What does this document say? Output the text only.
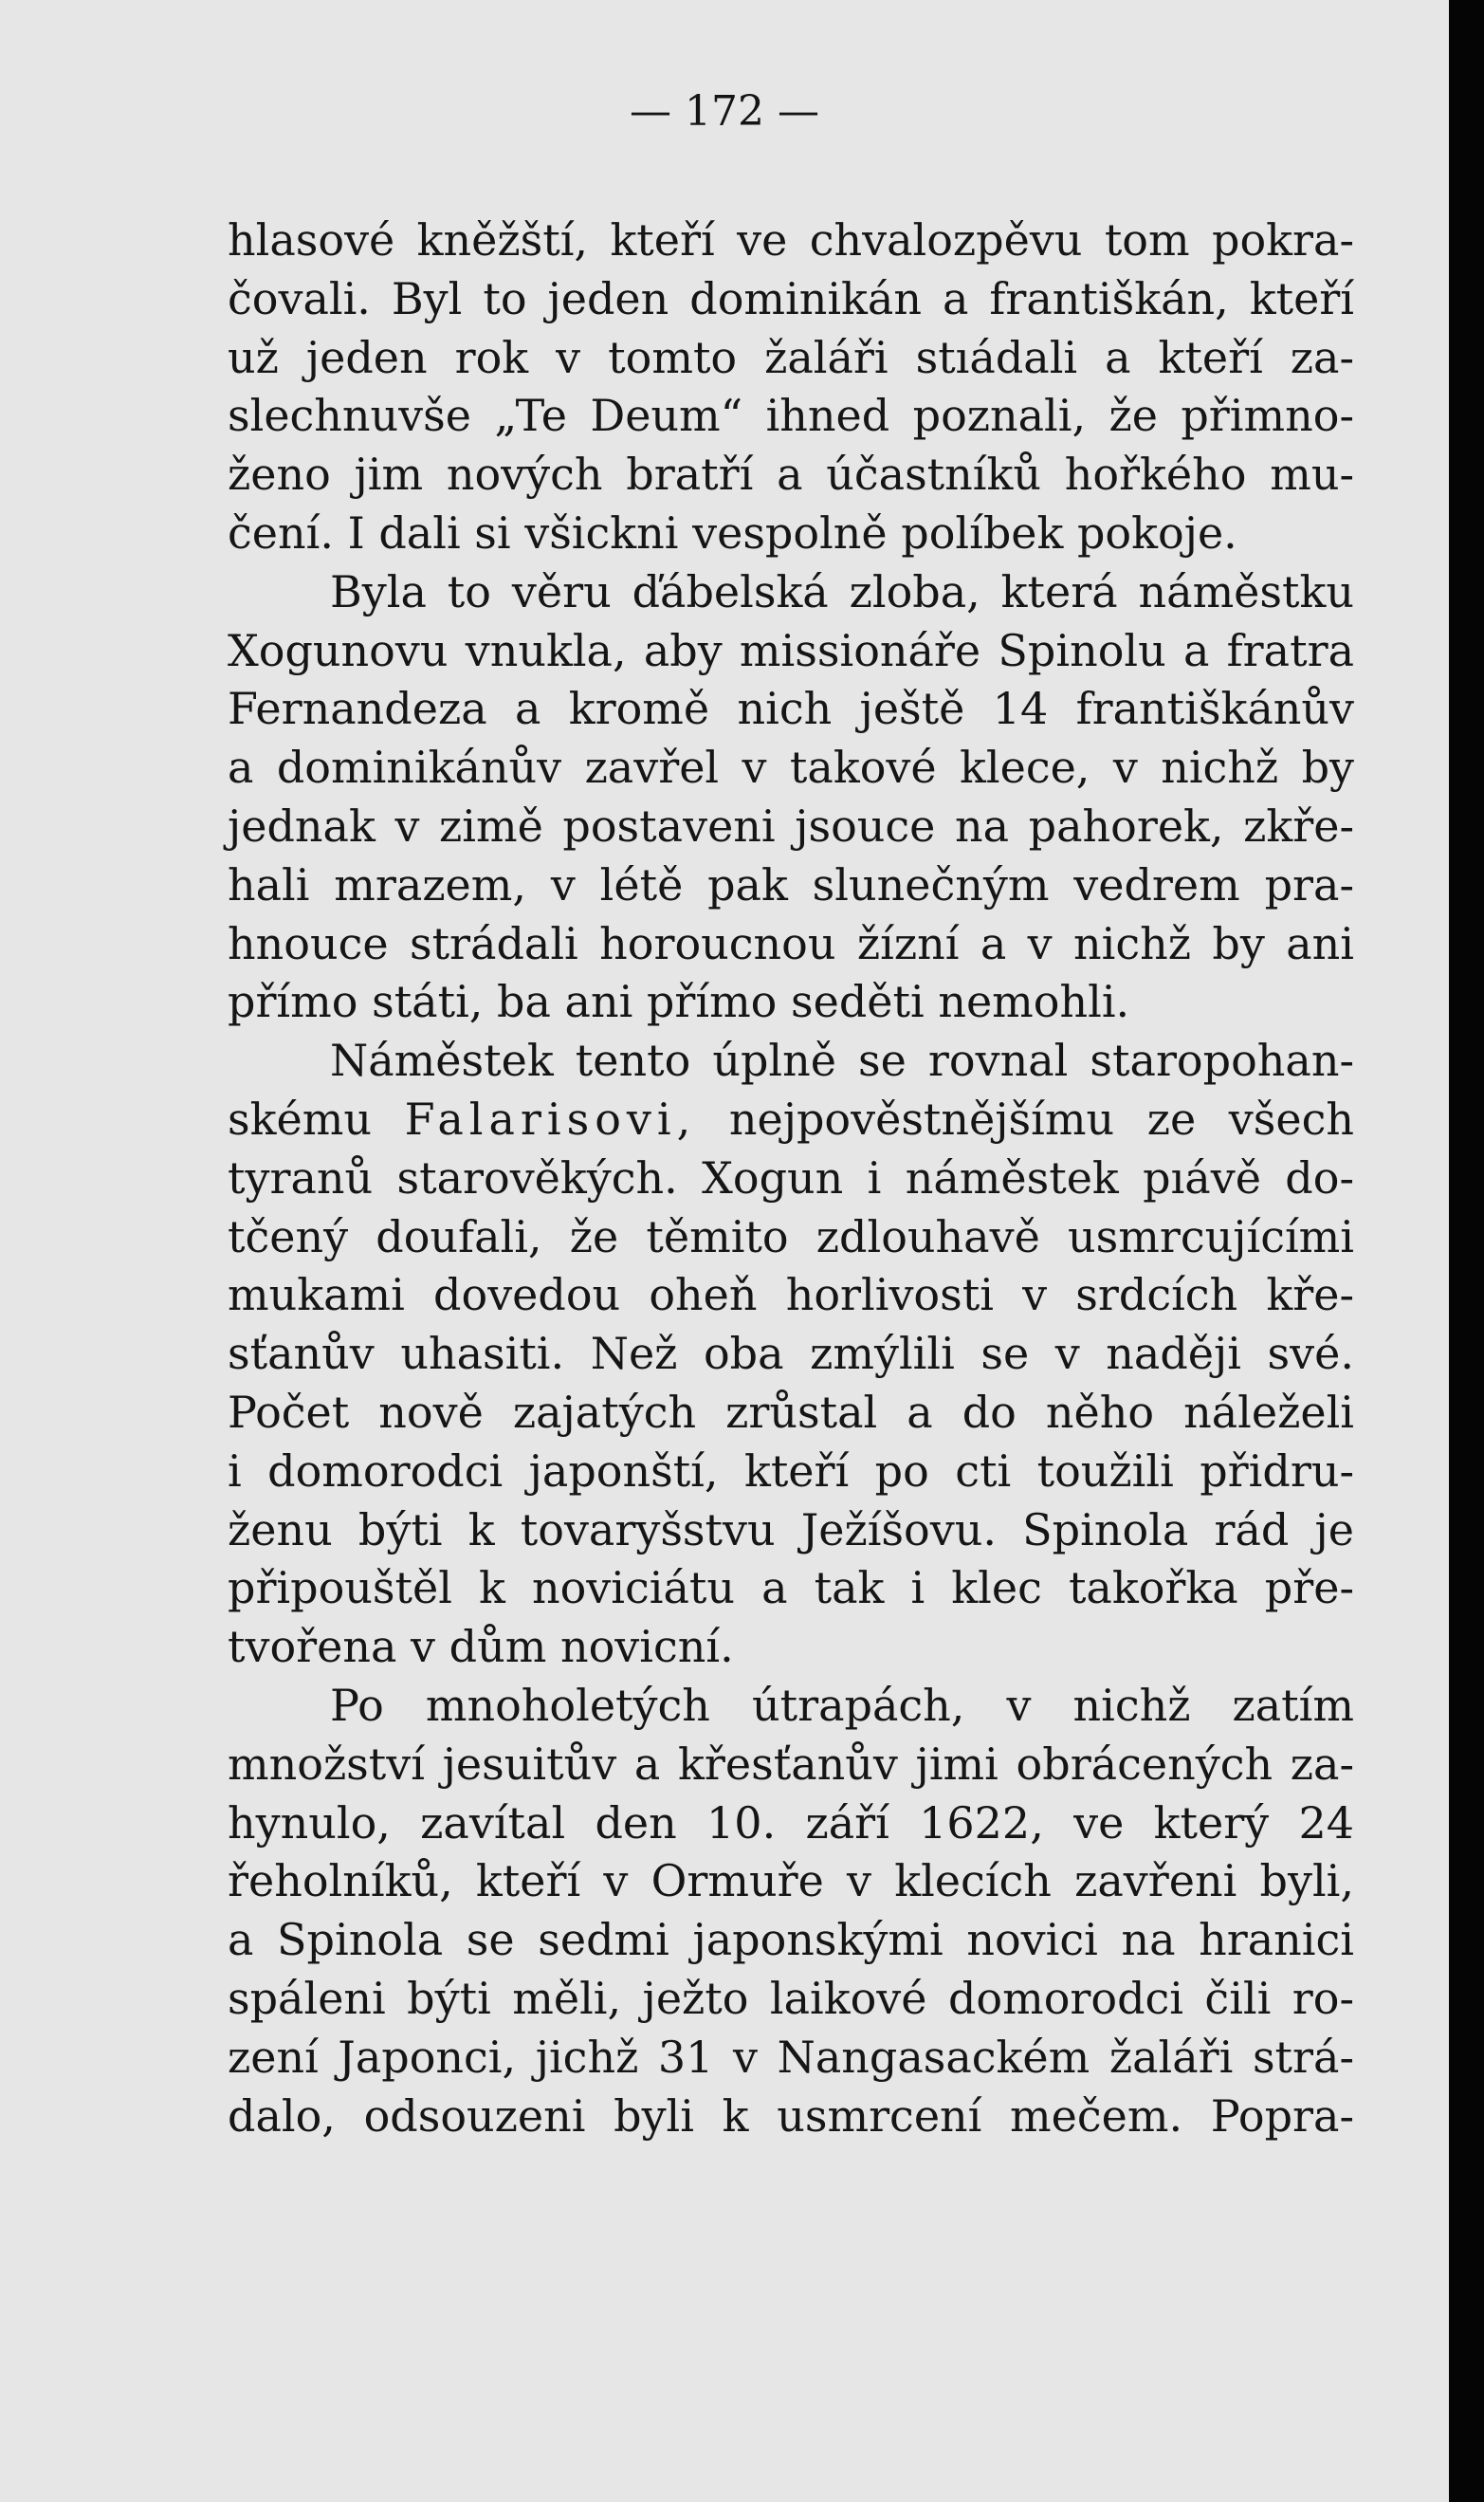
— 172 —
hlasové kněžští, kteří ve chvalozpěvu tom pokra-
čovali. Byl to jeden dominikán a františkán, kteří
už jeden rok v tomto žaláři stıádali a kteří za-
slechnuvše „Te Deum“ ihned poznali, že přimno-
ženo jim nových bratří a účastníků hořkého mu-
čení. I dali si všickni vespolně políbek pokoje.
Byla to věru ďábelská zloba, která náměstku
Xogunovu vnukla, aby missionáře Spinolu a fratra
Fernandeza a kromě nich ještě 14 františkánův
a dominikánův zavřel v takové klece, v nichž by
jednak v zimě postaveni jsouce na pahorek, zkře-
hali mrazem, v létě pak slunečným vedrem pra-
hnouce strádali horoucnou žízní a v nichž by ani
přímo státi, ba ani přímo seděti nemohli.
Náměstek tento úplně se rovnal staropohan-
skému Falarisovi, nejpověstnějšímu ze všech
tyranů starověkých. Xogun i náměstek pıávě do-
tčený doufali, že těmito zdlouhavě usmrcujícími
mukami dovedou oheň horlivosti v srdcích kře-
sťanův uhasiti. Než oba zmýlili se v naději své.
Počet nově zajatých zrůstal a do něho náleželi
i domorodci japonští, kteří po cti toužili přidru-
ženu býti k tovaryšstvu Ježíšovu. Spinola rád je
připouštěl k noviciátu a tak i klec takořka pře-
tvořena v dům novicní.
Po mnoholetých útrapách, v nichž zatím
množství jesuitův a křesťanův jimi obrácených za-
hynulo, zavítal den 10. září 1622, ve který 24
řeholníků, kteří v Ormuře v klecích zavřeni byli,
a Spinola se sedmi japonskými novici na hranici
spáleni býti měli, ježto laikové domorodci čili ro-
zení Japonci, jichž 31 v Nangasackém žaláři strá-
dalo, odsouzeni byli k usmrcení mečem. Popra-
